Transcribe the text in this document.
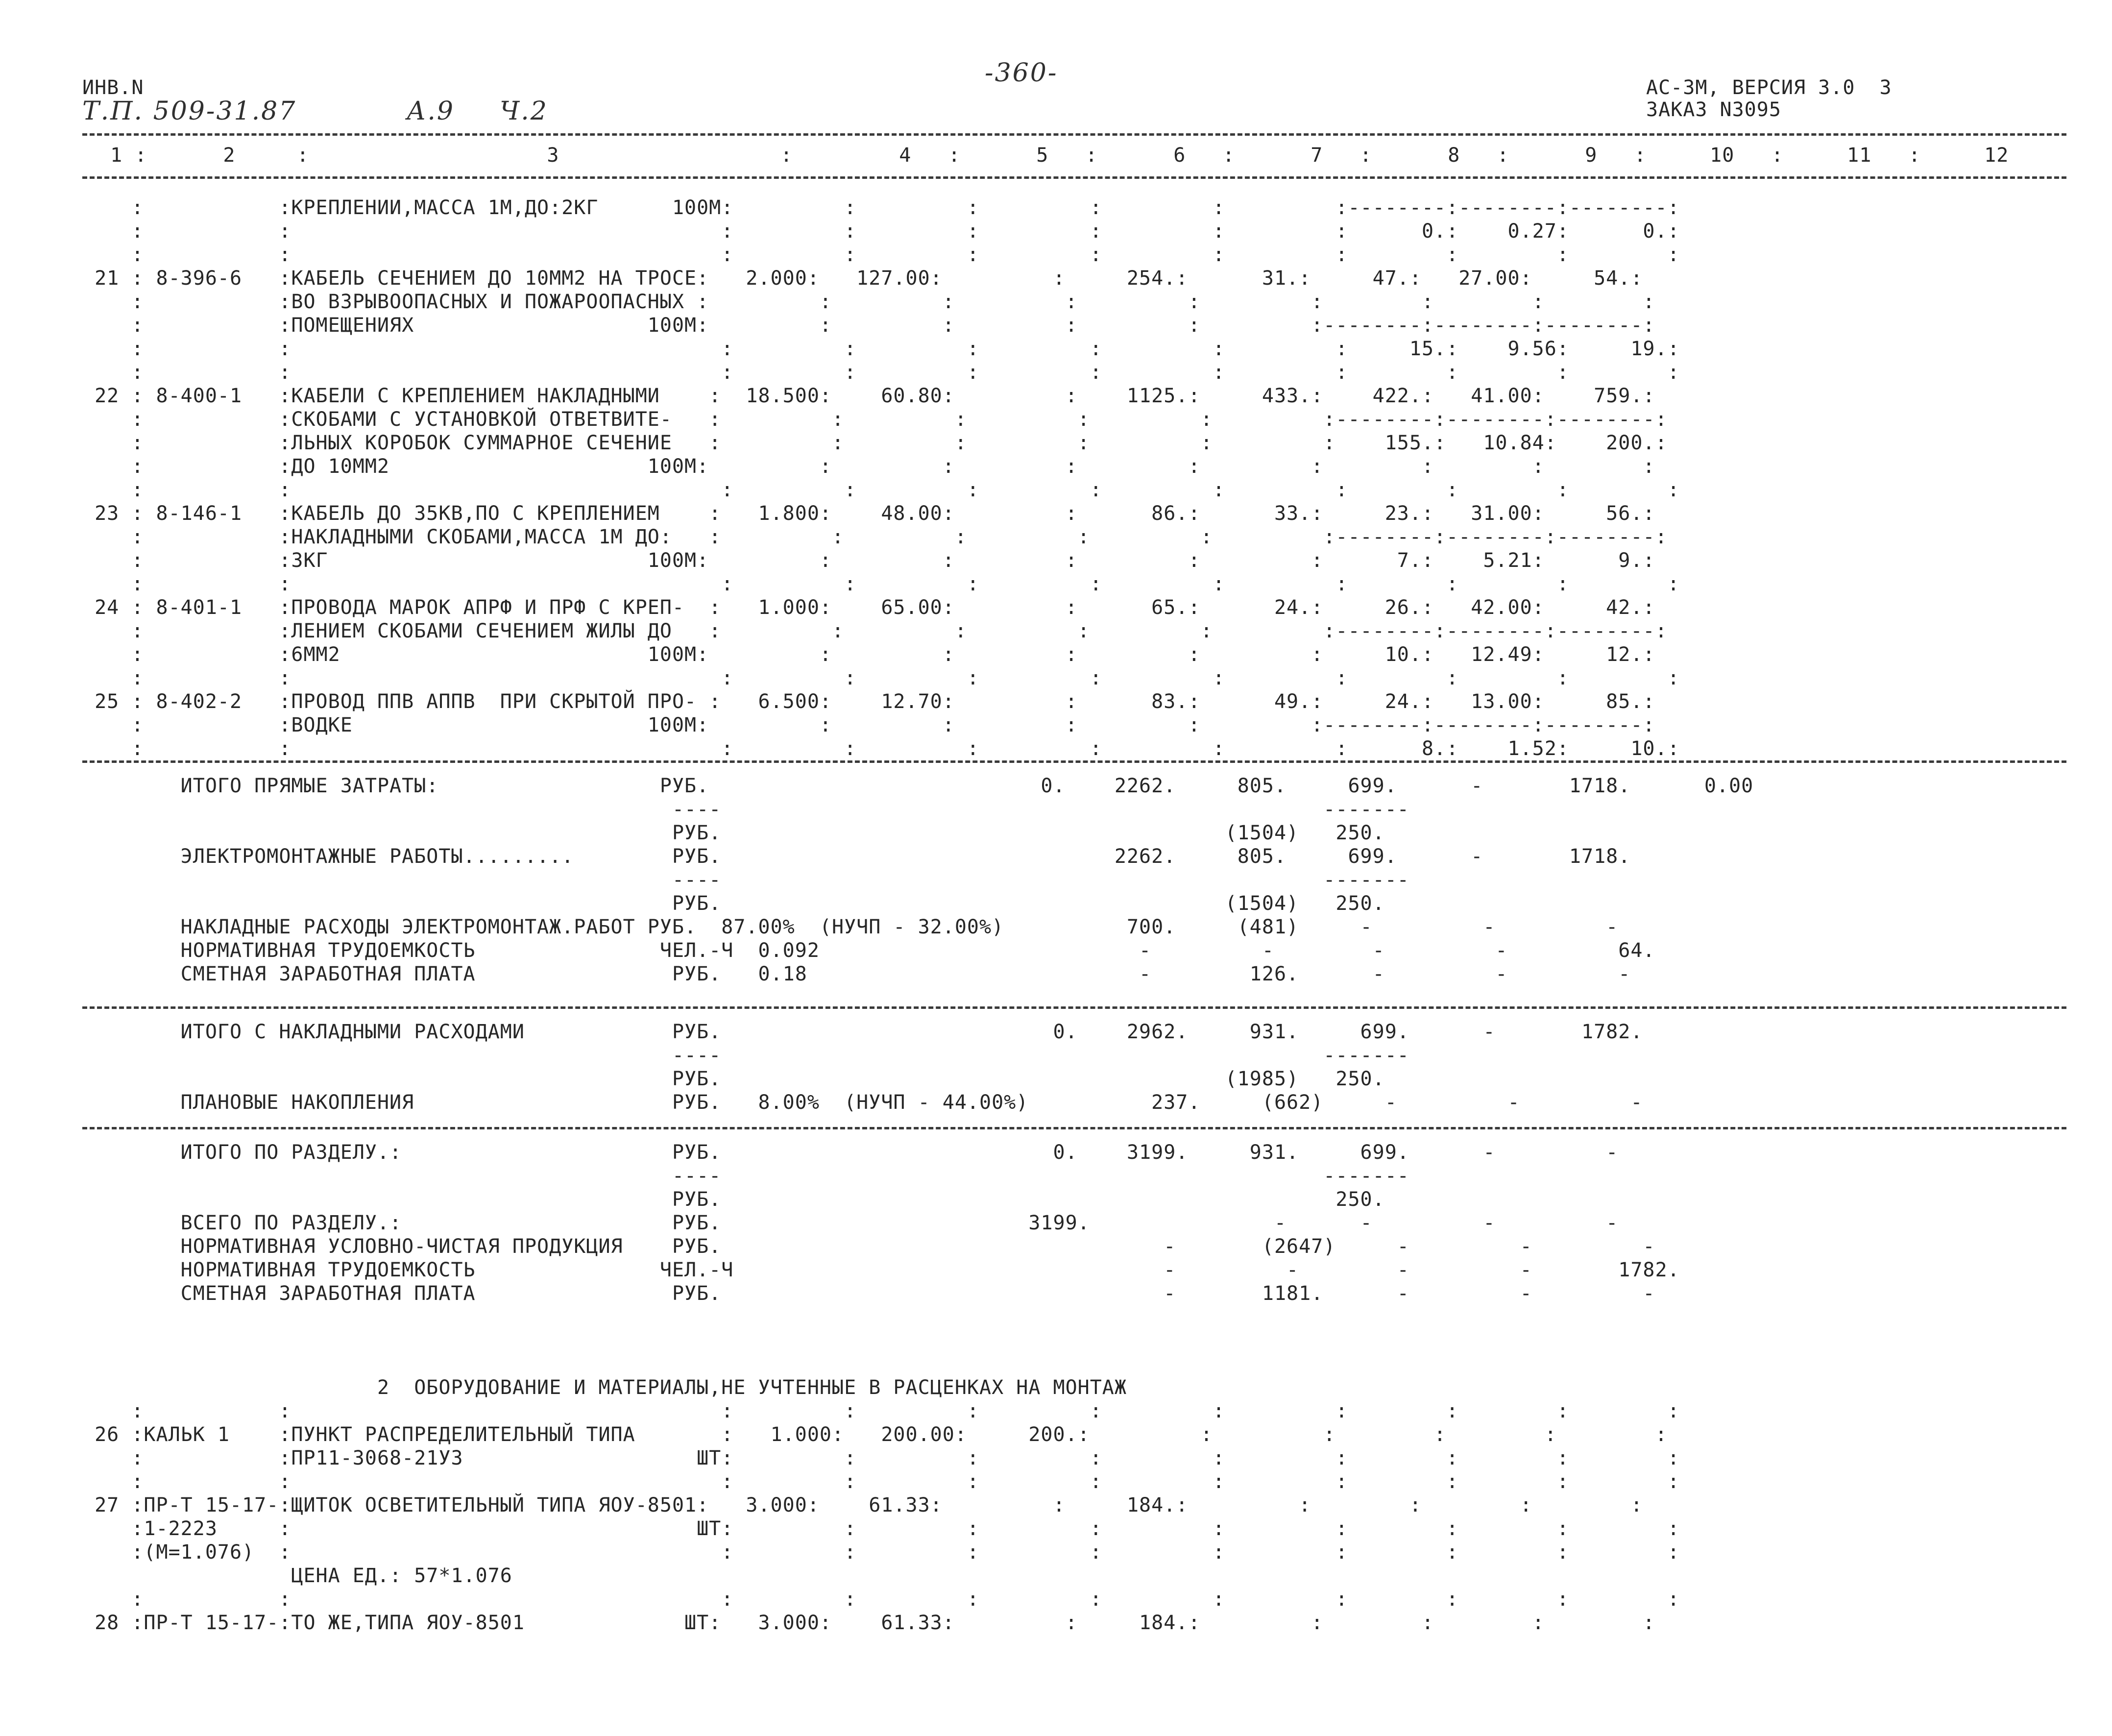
ИНВ.N
Т.П. 509-31.87	А.9 Ч.2
-360-	АС-3М, ВЕРСИЯ 3.0  3
ЗАКАЗ N3095
1 : 2     : 3                  :	4   : 5   : 6   : 7   : 8   : 9   : 10   : 11   : 12
:           :КРЕПЛЕНИИ,МАССА 1М,ДО:2КГ      100М:         :         :         :         :         :--------:--------:--------:
:           :                                   :         :         :         :         :         :      0.:    0.27:      0.:
:           :                                   :         :         :         :         :         :        :        :        :
21 : 8-396-6   :КАБЕЛЬ СЕЧЕНИЕМ ДО 10ММ2 НА ТРОСЕ:   2.000:   127.00:         :     254.:      31.:     47.:   27.00:     54.:
:           :ВО ВЗРЫВООПАСНЫХ И ПОЖАРООПАСНЫХ :         :         :         :         :         :        :        :        :
:           :ПОМЕЩЕНИЯХ                   100М:         :         :         :         :         :--------:--------:--------:
:           :                                   :         :         :         :         :         :     15.:    9.56:     19.:
:           :                                   :         :         :         :         :         :        :        :        :
22 : 8-400-1   :КАБЕЛИ С КРЕПЛЕНИЕМ НАКЛАДНЫМИ    :  18.500:    60.80:         :    1125.:     433.:    422.:   41.00:    759.:
:           :СКОБАМИ С УСТАНОВКОЙ ОТВЕТВИТЕ-   :         :         :         :         :         :--------:--------:--------:
:           :ЛЬНЫХ КОРОБОК СУММАРНОЕ СЕЧЕНИЕ   :         :         :         :         :         :    155.:   10.84:    200.:
:           :ДО 10ММ2                     100М:         :         :         :         :         :        :        :        :
:           :                                   :         :         :         :         :         :        :        :        :
23 : 8-146-1   :КАБЕЛЬ ДО 35КВ,ПО С КРЕПЛЕНИЕМ    :   1.800:    48.00:         :      86.:      33.:     23.:   31.00:     56.:
:           :НАКЛАДНЫМИ СКОБАМИ,МАССА 1М ДО:   :         :         :         :         :         :--------:--------:--------:
:           :3КГ                          100М:         :         :         :         :         :      7.:    5.21:      9.:
:           :                                   :         :         :         :         :         :        :        :        :
24 : 8-401-1   :ПРОВОДА МАРОК АПРФ И ПРФ С КРЕП-  :   1.000:    65.00:         :      65.:      24.:     26.:   42.00:     42.:
:           :ЛЕНИЕМ СКОБАМИ СЕЧЕНИЕМ ЖИЛЫ ДО   :         :         :         :         :         :--------:--------:--------:
:           :6ММ2                         100М:         :         :         :         :         :     10.:   12.49:     12.:
:           :                                   :         :         :         :         :         :        :        :        :
25 : 8-402-2   :ПРОВОД ППВ АППВ  ПРИ СКРЫТОЙ ПРО- :   6.500:    12.70:         :      83.:      49.:     24.:   13.00:     85.:
:           :ВОДКЕ                        100М:         :         :         :         :         :--------:--------:--------:
:           :                                   :         :         :         :         :         :      8.:    1.52:     10.:
ИТОГО ПРЯМЫЕ ЗАТРАТЫ:                  РУБ.                           0.    2262.     805.     699.      -       1718.      0.00
----                                                 -------
РУБ.                                         (1504)   250.
ЭЛЕКТРОМОНТАЖНЫЕ РАБОТЫ.........        РУБ.                                2262.     805.     699.      -       1718.
----                                                 -------
РУБ.                                         (1504)   250.
НАКЛАДНЫЕ РАСХОДЫ ЭЛЕКТРОМОНТАЖ.РАБОТ РУБ.  87.00%  (НУЧП - 32.00%)          700.     (481)     -         -         -
НОРМАТИВНАЯ ТРУДОЕМКОСТЬ               ЧЕЛ.-Ч  0.092                          -         -        -         -         64.
СМЕТНАЯ ЗАРАБОТНАЯ ПЛАТА                РУБ.   0.18                           -        126.      -         -         -
ИТОГО С НАКЛАДНЫМИ РАСХОДАМИ            РУБ.                           0.    2962.     931.     699.      -       1782.
----                                                 -------
РУБ.                                         (1985)   250.
ПЛАНОВЫЕ НАКОПЛЕНИЯ                     РУБ.   8.00%  (НУЧП - 44.00%)          237.     (662)     -         -         -
ИТОГО ПО РАЗДЕЛУ.:                      РУБ.                           0.    3199.     931.     699.      -         -
----                                                 -------
РУБ.                                                  250.
ВСЕГО ПО РАЗДЕЛУ.:                      РУБ.                         3199.               -      -         -         -
НОРМАТИВНАЯ УСЛОВНО-ЧИСТАЯ ПРОДУКЦИЯ    РУБ.                                    -       (2647)     -         -         -
НОРМАТИВНАЯ ТРУДОЕМКОСТЬ               ЧЕЛ.-Ч                                   -         -        -         -       1782.
СМЕТНАЯ ЗАРАБОТНАЯ ПЛАТА                РУБ.                                    -       1181.      -         -         -
2  ОБОРУДОВАНИЕ И МАТЕРИАЛЫ,НЕ УЧТЕННЫЕ В РАСЦЕНКАХ НА МОНТАЖ
:           :                                   :         :         :         :         :         :        :        :        :
26 :КАЛЬК 1    :ПУНКТ РАСПРЕДЕЛИТЕЛЬНЫЙ ТИПА       :   1.000:   200.00:     200.:         :         :        :        :        :
:           :ПР11-3068-21У3                   ШТ:         :         :         :         :         :        :        :        :
:           :                                   :         :         :         :         :         :        :        :        :
27 :ПР-Т 15-17-:ЩИТОК ОСВЕТИТЕЛЬНЫЙ ТИПА ЯОУ-8501:   3.000:    61.33:         :     184.:         :        :        :        :
:1-2223     :                                 ШТ:         :         :         :         :         :        :        :        :
:(М=1.076)  :                                   :         :         :         :         :         :        :        :        :
ЦЕНА ЕД.: 57*1.076
:           :                                   :         :         :         :         :         :        :        :        :
28 :ПР-Т 15-17-:ТО ЖЕ,ТИПА ЯОУ-8501             ШТ:   3.000:    61.33:         :     184.:         :        :        :        :
